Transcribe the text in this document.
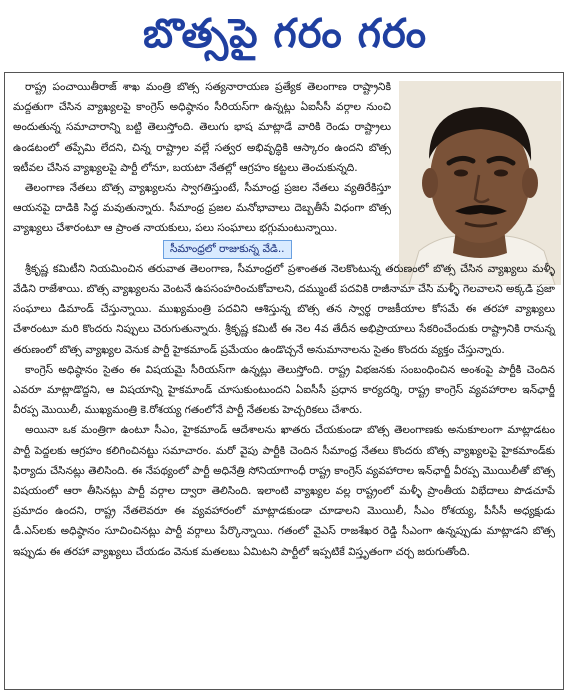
బొత్సపై గరం గరం

రాష్ట్ర పంచాయితీరాజ్ శాఖ మంత్రి బొత్స సత్యనారాయణ ప్రత్యేక తెలంగాణ రాష్ట్రానికి మద్దతుగా చేసిన వ్యాఖ్యలపై కాంగ్రెస్ అధిష్ఠానం సీరియస్‌గా ఉన్నట్లు ఏఐసీసీ వర్గాల నుంచి అందుతున్న సమాచారాన్ని బట్టి తెలుస్తోంది. తెలుగు భాష మాట్లాడే వారికి రెండు రాష్ట్రాలు ఉండటంలో తప్పేమి లేదని, చిన్న రాష్ట్రాల వల్లే సత్వర అభివృద్ధికి ఆస్కారం ఉందని బొత్స ఇటీవల చేసిన వ్యాఖ్యలపై పార్టీ లోనూ, బయటా నేతల్లో ఆగ్రహం కట్టలు తెంచుకున్నది.

తెలంగాణ నేతలు బొత్స వ్యాఖ్యలను స్వాగతిస్తుంటే, సీమాంధ్ర ప్రజల నేతలు వ్యతిరేకిస్తూ ఆయనపై దాడికి సిద్ధ మవుతున్నారు. సీమాంధ్ర ప్రజల మనోభావాలు దెబ్బతీసే విధంగా బొత్స వ్యాఖ్యలు చేశారంటూ ఆ ప్రాంత నాయకులు, పలు సంఘాలు భగ్గుమంటున్నాయి.

సీమాంధ్రలో రాజుకున్న వేడి..

శ్రీకృష్ణ కమిటీని నియమించిన తరువాత తెలంగాణ, సీమాంధ్రలో ప్రశాంతత నెలకొంటున్న తరుణంలో బొత్స చేసిన వ్యాఖ్యలు మళ్ళీ వేడిని రాజేశాయి. బొత్స వ్యాఖ్యలను వెంటనే ఉపసంహరించుకోవాలని, దమ్ముంటే పదవికి రాజీనామా చేసి మళ్ళీ గెలవాలని అక్కడి ప్రజా సంఘాలు డిమాండ్ చేస్తున్నాయి. ముఖ్యమంత్రి పదవిని ఆశిస్తున్న బొత్స తన స్వార్థ రాజకీయాల కోసమే ఈ తరహా వ్యాఖ్యలు చేశారంటూ మరి కొందరు నిప్పులు చెరుగుతున్నారు. శ్రీకృష్ణ కమిటీ ఈ నెల 4వ తేదీన అభిప్రాయాలు సేకరించేందుకు రాష్ట్రానికి రానున్న తరుణంలో బొత్స వ్యాఖ్యల వెనుక పార్టీ హైకమాండ్ ప్రమేయం ఉండొచ్చనే అనుమానాలను సైతం కొందరు వ్యక్తం చేస్తున్నారు.

కాంగ్రెస్ అధిష్ఠానం సైతం ఈ విషయమై సీరియస్‌గా ఉన్నట్లు తెలుస్తోంది. రాష్ట్ర విభజనకు సంబంధించిన అంశంపై పార్టీకి చెందిన ఎవరూ మాట్లాడొద్దని, ఆ విషయాన్ని హైకమాండ్ చూసుకుంటుందని ఏఐసీసీ ప్రధాన కార్యదర్శి, రాష్ట్ర కాంగ్రెస్ వ్యవహారాల ఇన్‌ఛార్జీ వీరప్ప మొయిలీ, ముఖ్యమంత్రి కె.రోశయ్య గతంలోనే పార్టీ నేతలకు హెచ్చరికలు చేశారు.

అయినా ఒక మంత్రిగా ఉంటూ సీఎం, హైకమాండ్ ఆదేశాలను ఖాతరు చేయకుండా బొత్స తెలంగాణకు అనుకూలంగా మాట్లాడటం పార్టీ పెద్దలకు ఆగ్రహం కలిగించినట్టు సమాచారం. మరో వైపు పార్టీకి చెందిన సీమాంధ్ర నేతలు కొందరు బొత్స వ్యాఖ్యలపై హైకమాండ్‌కు ఫిర్యాదు చేసినట్లు తెలిసింది. ఈ నేపథ్యంలో పార్టీ అధినేత్రి సోనియాగాంధీ రాష్ట్ర కాంగ్రెస్ వ్యవహారాల ఇన్‌ఛార్జీ వీరప్ప మొయిలీతో బొత్స విషయంలో ఆరా తీసినట్లు పార్టీ వర్గాల ద్వారా తెలిసింది. ఇలాంటి వ్యాఖ్యల వల్ల రాష్ట్రంలో మళ్ళీ ప్రాంతీయ విభేదాలు పొడచూపే ప్రమాదం ఉందని, రాష్ట్ర నేతలెవరూ ఈ వ్యవహారంలో మాట్లాడకుండా చూడాలని మొయిలీ, సీఎం రోశయ్య, పీసీసీ అధ్యక్షుడు డీ.ఎస్‌లకు అధిష్ఠానం సూచించినట్లు పార్టీ వర్గాలు పేర్కొన్నాయి. గతంలో వైఎస్ రాజశేఖర రెడ్డి సీఎంగా ఉన్నప్పుడు మాట్లాడని బొత్స ఇప్పుడు ఈ తరహా వ్యాఖ్యలు చేయడం వెనుక మతలబు ఏమిటని పార్టీలో ఇప్పటికే విస్తృతంగా చర్చ జరుగుతోంది.
